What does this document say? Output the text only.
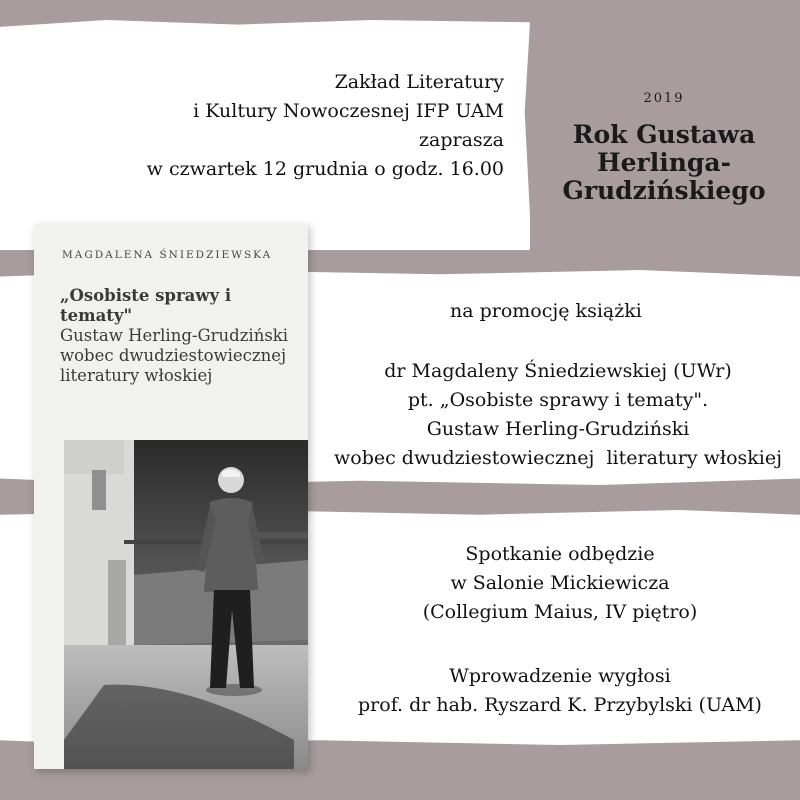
Zakład Literatury
i Kultury Nowoczesnej IFP UAM
zaprasza
w czwartek 12 grudnia o godz. 16.00
2019
Rok Gustawa
Herlinga-
Grudzińskiego
na promocję książki
dr Magdaleny Śniedziewskiej (UWr)
pt. „Osobiste sprawy i tematy".
Gustaw Herling-Grudziński
wobec dwudziestowiecznej  literatury włoskiej
Spotkanie odbędzie
w Salonie Mickiewicza
(Collegium Maius, IV piętro)
Wprowadzenie wygłosi
prof. dr hab. Ryszard K. Przybylski (UAM)
MAGDALENA ŚNIEDZIEWSKA
„Osobiste sprawy i tematy"
Gustaw Herling-Grudziński
wobec dwudziestowiecznej
literatury włoskiej
